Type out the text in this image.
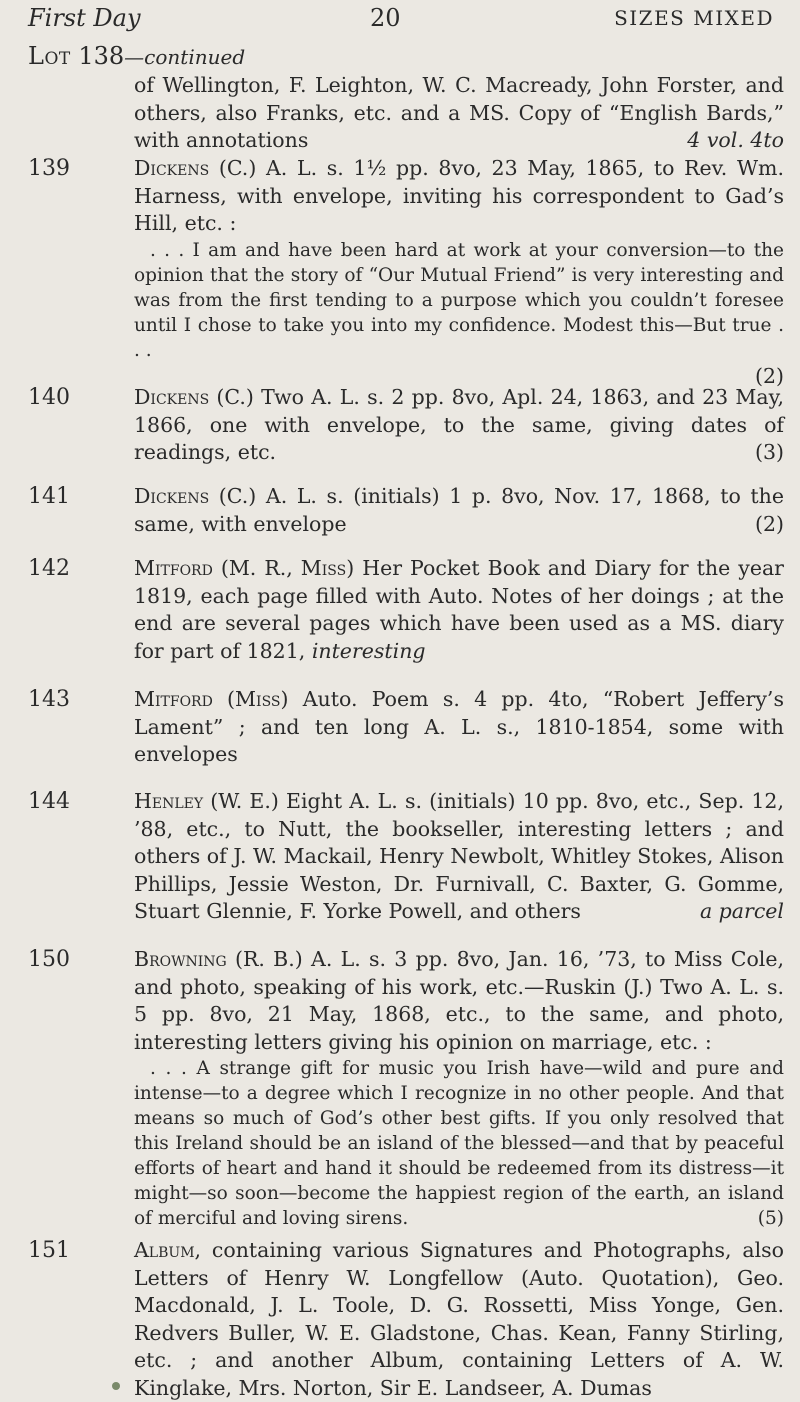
First Day	20	SIZES MIXED
Lot 138—continued

of Wellington, F. Leighton, W. C. Macready, John Forster, and others, also Franks, etc. and a MS. Copy of “English Bards,” with annotations	4 vol. 4to

139	Dickens (C.) A. L. s. 1½ pp. 8vo, 23 May, 1865, to Rev. Wm. Harness, with envelope, inviting his correspondent to Gad’s Hill, etc. :

. . . I am and have been hard at work at your conversion—to the opinion that the story of “Our Mutual Friend” is very interesting and was from the first tending to a purpose which you couldn’t foresee until I chose to take you into my confidence. Modest this—But true . . .

(2)

140	Dickens (C.) Two A. L. s. 2 pp. 8vo, Apl. 24, 1863, and 23 May, 1866, one with envelope, to the same, giving dates of readings, etc.	(3)

141	Dickens (C.) A. L. s. (initials) 1 p. 8vo, Nov. 17, 1868, to the same, with envelope	(2)

142	Mitford (M. R., Miss) Her Pocket Book and Diary for the year 1819, each page filled with Auto. Notes of her doings ; at the end are several pages which have been used as a MS. diary for part of 1821, interesting

143	Mitford (Miss) Auto. Poem s. 4 pp. 4to, “Robert Jeffery’s Lament” ; and ten long A. L. s., 1810-1854, some with envelopes

144	Henley (W. E.) Eight A. L. s. (initials) 10 pp. 8vo, etc., Sep. 12, ’88, etc., to Nutt, the bookseller, interesting letters ; and others of J. W. Mackail, Henry Newbolt, Whitley Stokes, Alison Phillips, Jessie Weston, Dr. Furnivall, C. Baxter, G. Gomme, Stuart Glennie, F. Yorke Powell, and others	a parcel

150	Browning (R. B.) A. L. s. 3 pp. 8vo, Jan. 16, ’73, to Miss Cole, and photo, speaking of his work, etc.—Ruskin (J.) Two A. L. s. 5 pp. 8vo, 21 May, 1868, etc., to the same, and photo, interesting letters giving his opinion on marriage, etc. :

. . . A strange gift for music you Irish have—wild and pure and intense—to a degree which I recognize in no other people. And that means so much of God’s other best gifts. If you only resolved that this Ireland should be an island of the blessed—and that by peaceful efforts of heart and hand it should be redeemed from its distress—it might—so soon—become the happiest region of the earth, an island of merciful and loving sirens.	(5)

151	Album, containing various Signatures and Photographs, also Letters of Henry W. Longfellow (Auto. Quotation), Geo. Macdonald, J. L. Toole, D. G. Rossetti, Miss Yonge, Gen. Redvers Buller, W. E. Gladstone, Chas. Kean, Fanny Stirling, etc. ; and another Album, containing Letters of A. W. Kinglake, Mrs. Norton, Sir E. Landseer, A. Dumas
